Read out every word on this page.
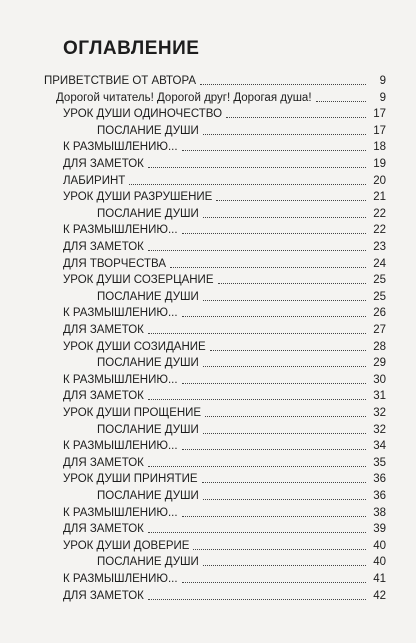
ОГЛАВЛЕНИЕ
ПРИВЕТСТВИЕ ОТ АВТОРА	9
Дорогой читатель! Дорогой друг! Дорогая душа!	9
УРОК ДУШИ ОДИНОЧЕСТВО	17
ПОСЛАНИЕ ДУШИ	17
К РАЗМЫШЛЕНИЮ...	18
ДЛЯ ЗАМЕТОК	19
ЛАБИРИНТ	20
УРОК ДУШИ РАЗРУШЕНИЕ	21
ПОСЛАНИЕ ДУШИ	22
К РАЗМЫШЛЕНИЮ...	22
ДЛЯ ЗАМЕТОК	23
ДЛЯ ТВОРЧЕСТВА	24
УРОК ДУШИ СОЗЕРЦАНИЕ	25
ПОСЛАНИЕ ДУШИ	25
К РАЗМЫШЛЕНИЮ...	26
ДЛЯ ЗАМЕТОК	27
УРОК ДУШИ СОЗИДАНИЕ	28
ПОСЛАНИЕ ДУШИ	29
К РАЗМЫШЛЕНИЮ...	30
ДЛЯ ЗАМЕТОК	31
УРОК ДУШИ ПРОЩЕНИЕ	32
ПОСЛАНИЕ ДУШИ	32
К РАЗМЫШЛЕНИЮ...	34
ДЛЯ ЗАМЕТОК	35
УРОК ДУШИ ПРИНЯТИЕ	36
ПОСЛАНИЕ ДУШИ	36
К РАЗМЫШЛЕНИЮ...	38
ДЛЯ ЗАМЕТОК	39
УРОК ДУШИ ДОВЕРИЕ	40
ПОСЛАНИЕ ДУШИ	40
К РАЗМЫШЛЕНИЮ...	41
ДЛЯ ЗАМЕТОК	42
